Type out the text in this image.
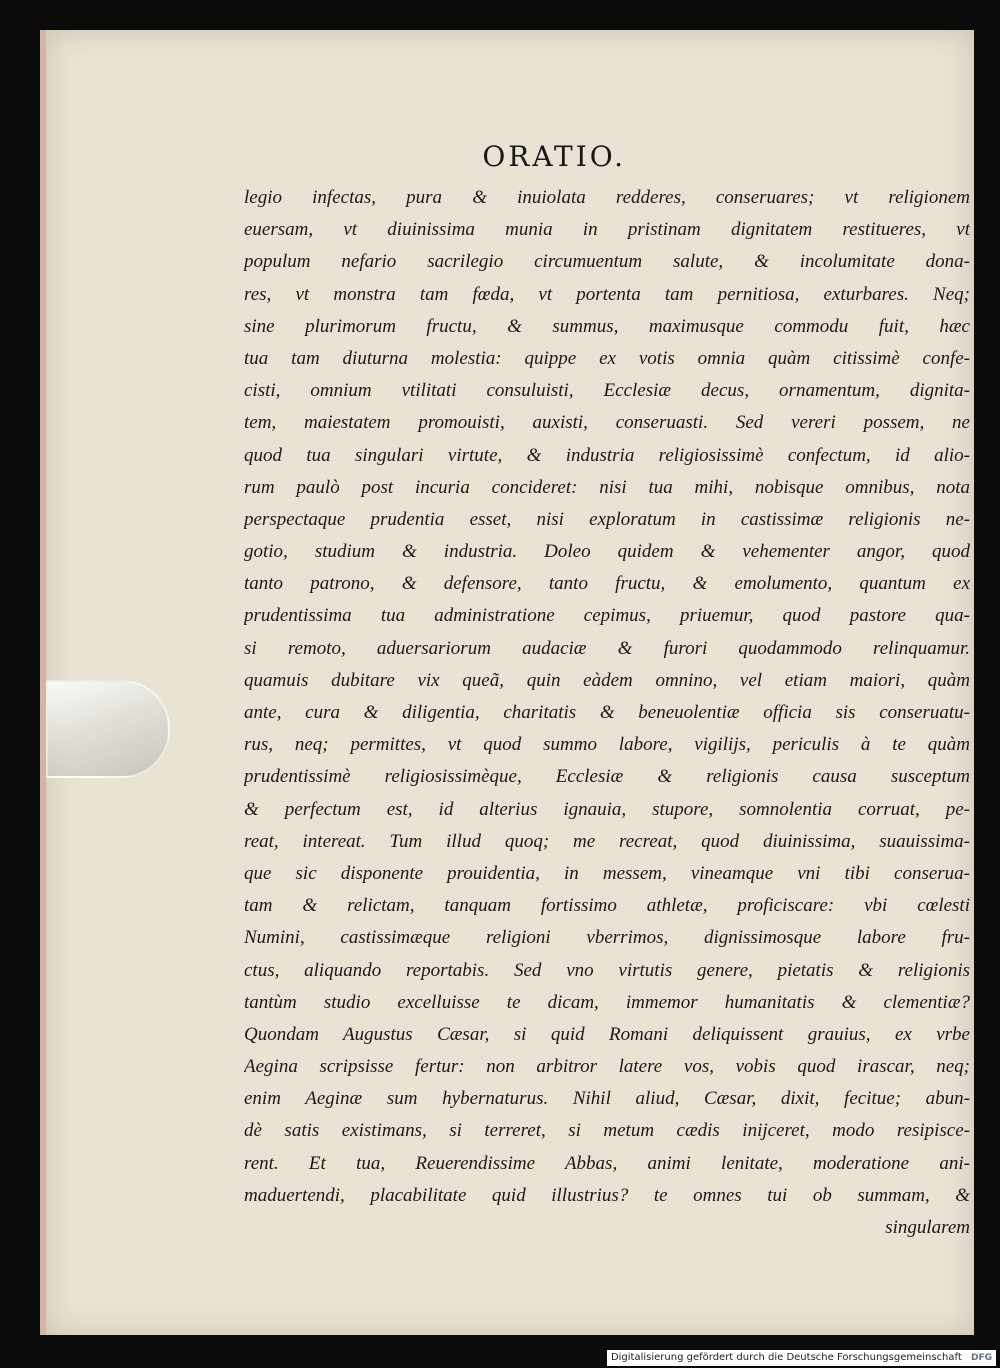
ORATIO.
legio infectas, pura & inuiolata redderes, conseruares; vt religionem
euersam, vt diuinissima munia in pristinam dignitatem restitueres, vt
populum nefario sacrilegio circumuentum salute, & incolumitate dona-
res, vt monstra tam fœda, vt portenta tam pernitiosa, exturbares. Neq;
sine plurimorum fructu, & summus, maximusque commodu fuit, hæc
tua tam diuturna molestia: quippe ex votis omnia quàm citissimè confe-
cisti, omnium vtilitati consuluisti, Ecclesiæ decus, ornamentum, dignita-
tem, maiestatem promouisti, auxisti, conseruasti. Sed vereri possem, ne
quod tua singulari virtute, & industria religiosissimè confectum, id alio-
rum paulò post incuria concideret: nisi tua mihi, nobisque omnibus, nota
perspectaque prudentia esset, nisi exploratum in castissimæ religionis ne-
gotio, studium & industria. Doleo quidem & vehementer angor, quod
tanto patrono, & defensore, tanto fructu, & emolumento, quantum ex
prudentissima tua administratione cepimus, priuemur, quod pastore qua-
si remoto, aduersariorum audaciæ & furori quodammodo relinquamur.
quamuis dubitare vix queã, quin eàdem omnino, vel etiam maiori, quàm
ante, cura & diligentia, charitatis & beneuolentiæ officia sis conseruatu-
rus, neq; permittes, vt quod summo labore, vigilijs, periculis à te quàm
prudentissimè religiosissimèque, Ecclesiæ & religionis causa susceptum
& perfectum est, id alterius ignauia, stupore, somnolentia corruat, pe-
reat, intereat. Tum illud quoq; me recreat, quod diuinissima, suauissima-
que sic disponente prouidentia, in messem, vineamque vni tibi conserua-
tam & relictam, tanquam fortissimo athletæ, proficiscare: vbi cœlesti
Numini, castissimæque religioni vberrimos, dignissimosque labore fru-
ctus, aliquando reportabis. Sed vno virtutis genere, pietatis & religionis
tantùm studio excelluisse te dicam, immemor humanitatis & clementiæ?
Quondam Augustus Cæsar, si quid Romani deliquissent grauius, ex vrbe
Aegina scripsisse fertur: non arbitror latere vos, vobis quod irascar, neq;
enim Aeginæ sum hybernaturus. Nihil aliud, Cæsar, dixit, fecitue; abun-
dè satis existimans, si terreret, si metum cædis inijceret, modo resipisce-
rent. Et tua, Reuerendissime Abbas, animi lenitate, moderatione ani-
maduertendi, placabilitate quid illustrius? te omnes tui ob summam, &
singularem
Digitalisierung gefördert durch die Deutsche Forschungsgemeinschaft DFG
